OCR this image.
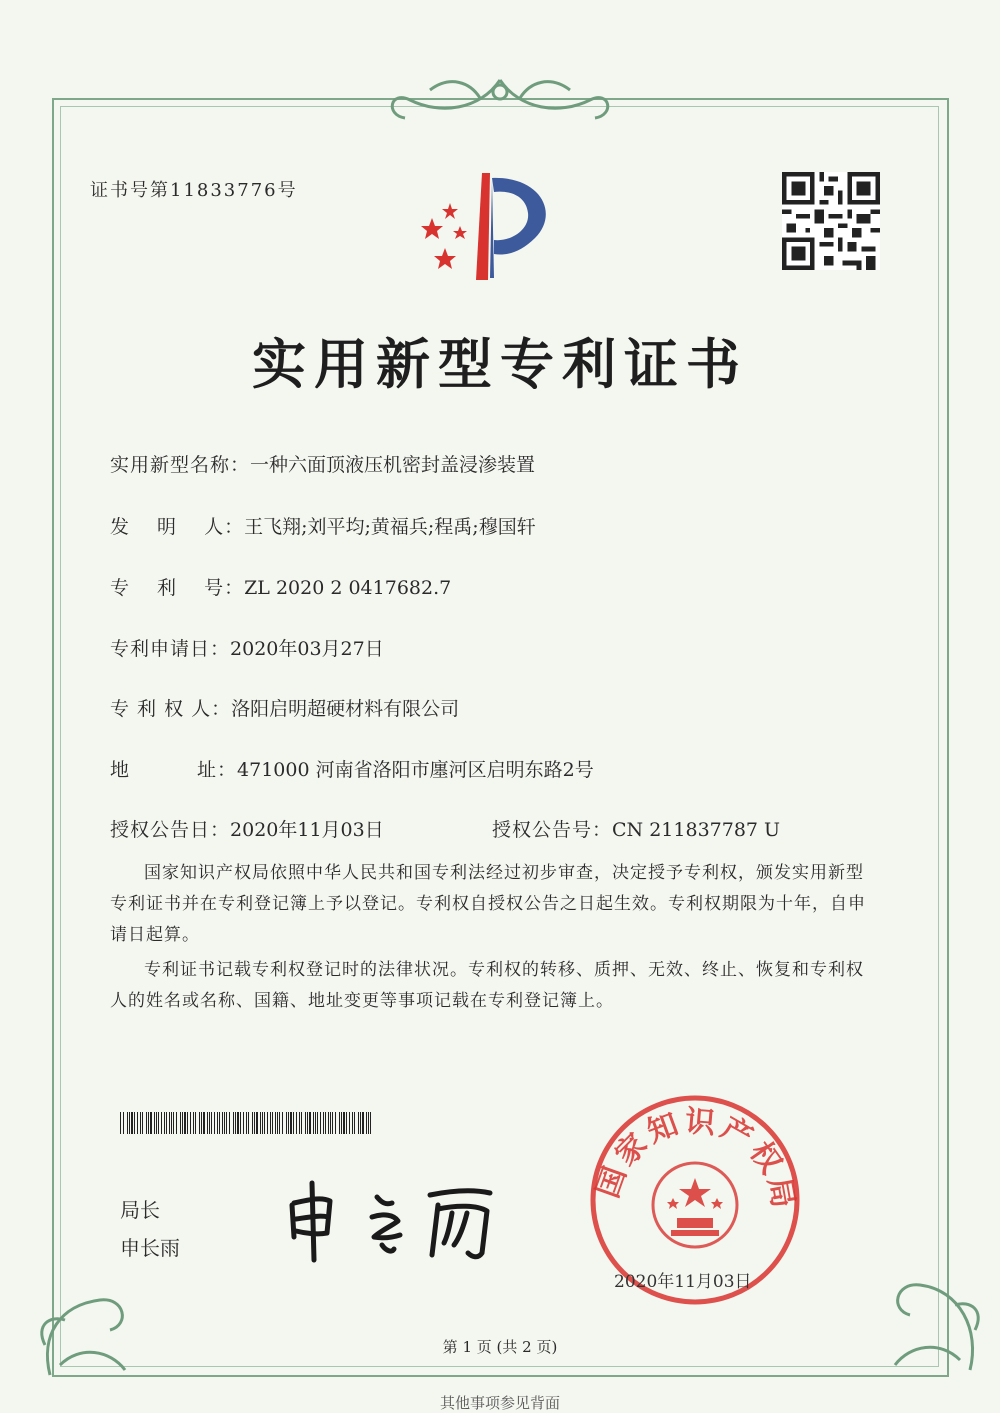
证书号第11833776号
实用新型专利证书
实用新型名称：一种六面顶液压机密封盖浸渗装置
发　 明　 人：王飞翔;刘平均;黄福兵;程禹;穆国轩
专　 利　 号：ZL 2020 2 0417682.7
专利申请日：2020年03月27日
专 利 权 人：洛阳启明超硬材料有限公司
地　　　 址：471000 河南省洛阳市廛河区启明东路2号
授权公告日：2020年11月03日	授权公告号：CN 211837787 U

国家知识产权局依照中华人民共和国专利法经过初步审查，决定授予专利权，颁发实用新型专利证书并在专利登记簿上予以登记。专利权自授权公告之日起生效。专利权期限为十年，自申请日起算。

专利证书记载专利权登记时的法律状况。专利权的转移、质押、无效、终止、恢复和专利权人的姓名或名称、国籍、地址变更等事项记载在专利登记簿上。

局长
申长雨
国家知识产权局
2020年11月03日
第 1 页 (共 2 页)
其他事项参见背面
